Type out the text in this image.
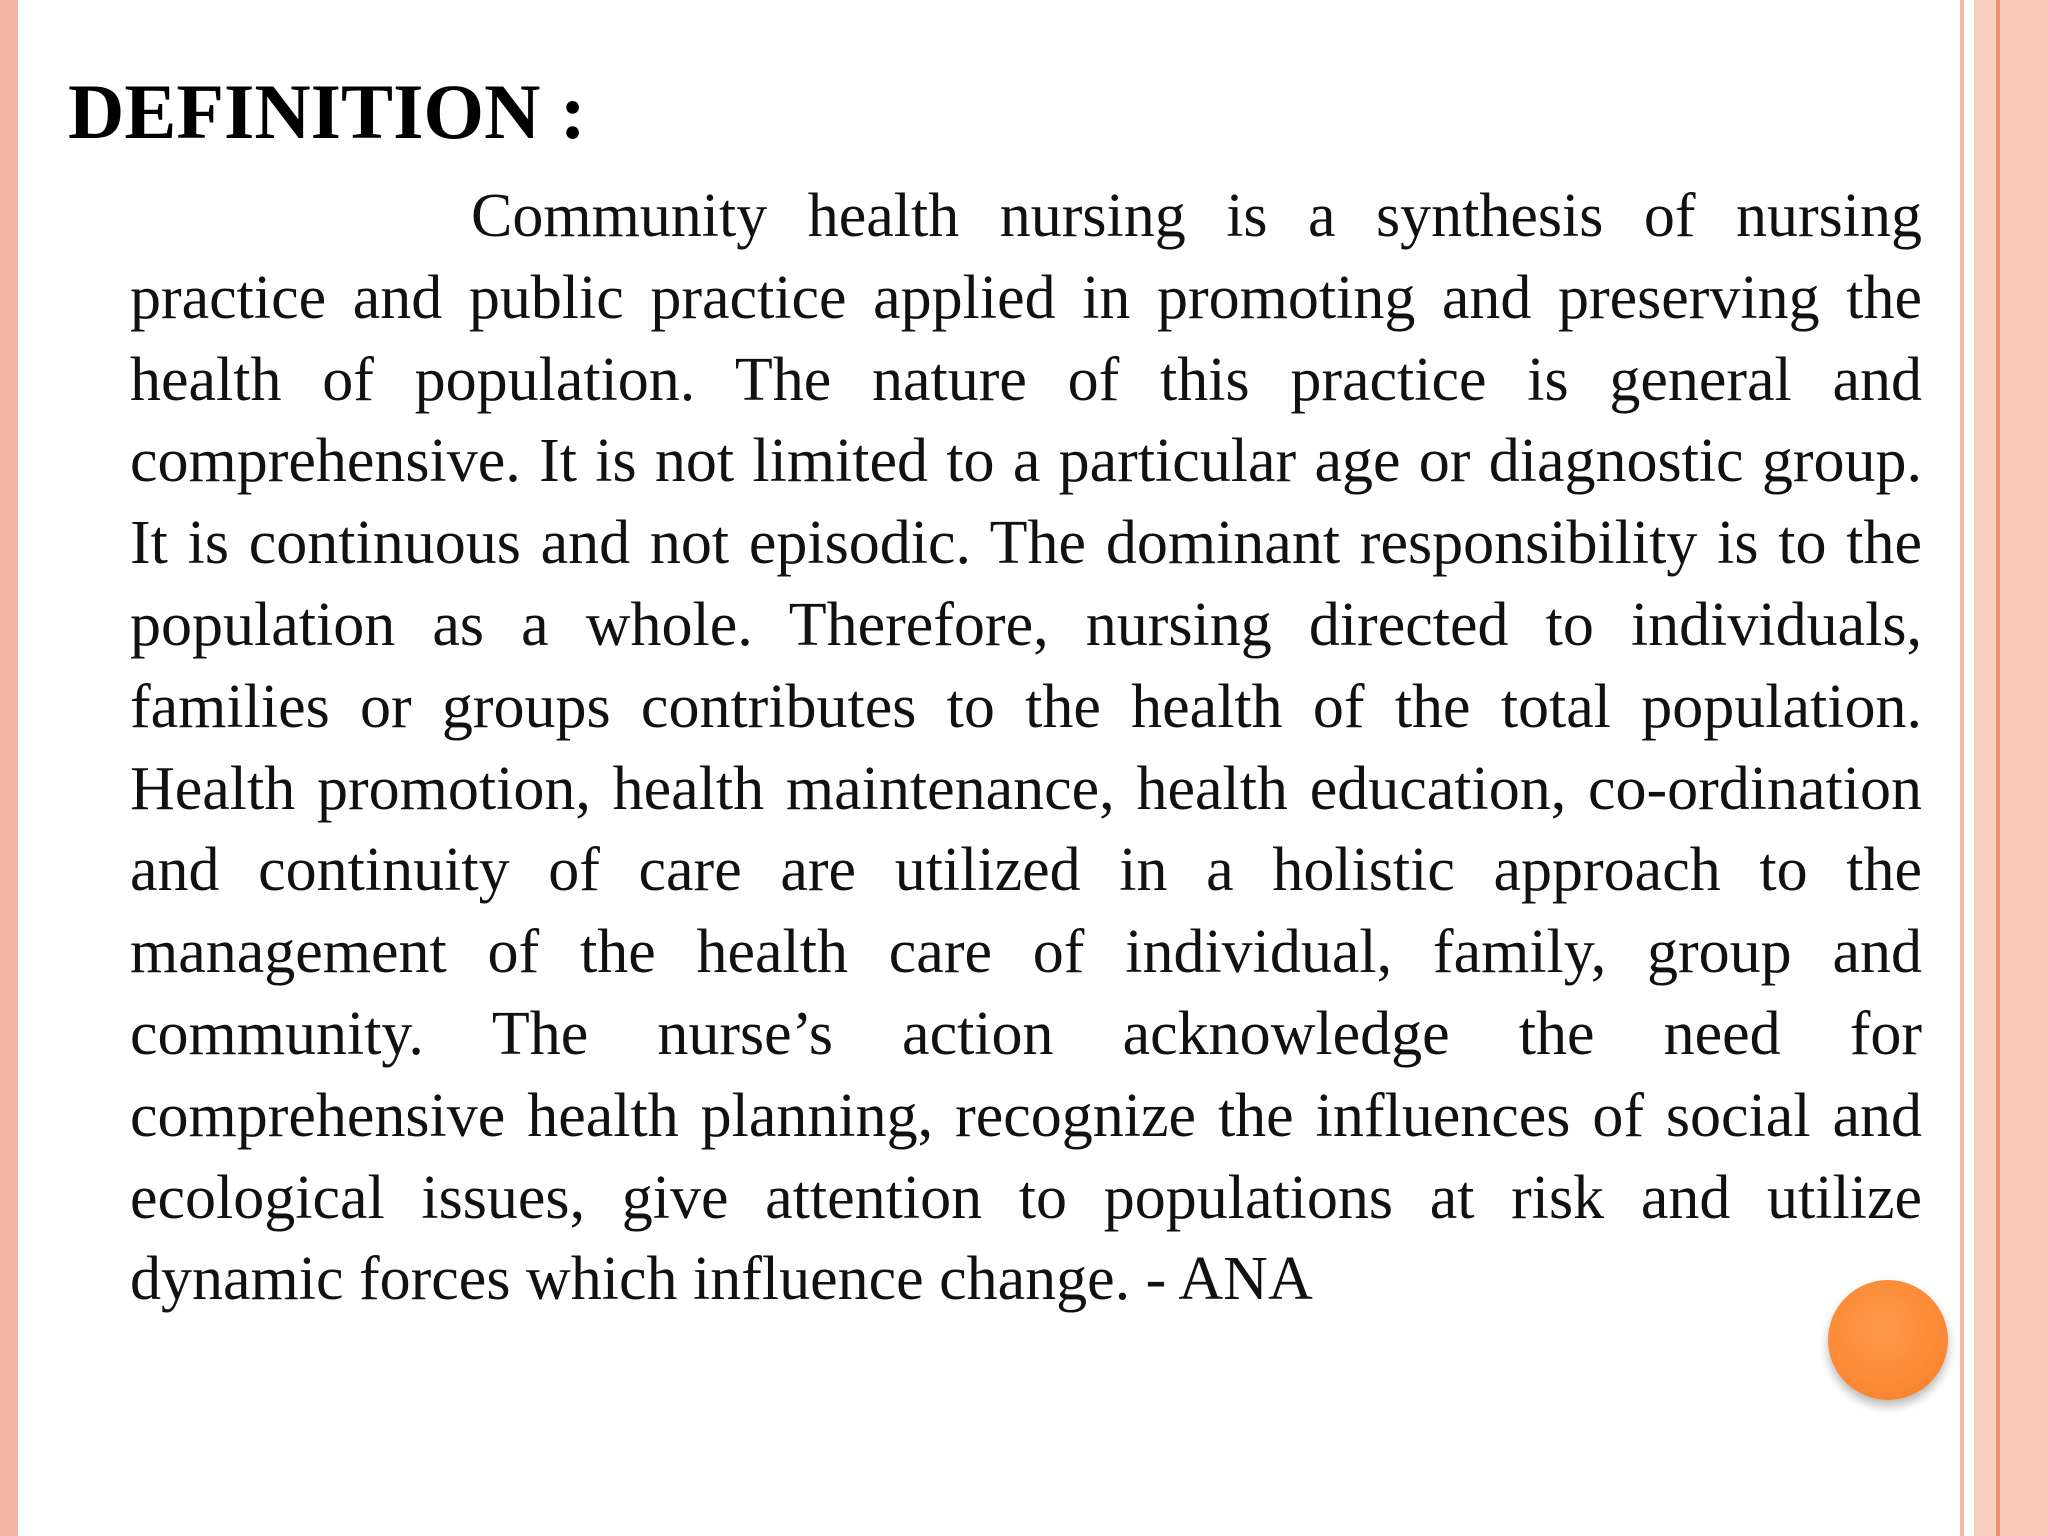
DEFINITION :

Community health nursing is a synthesis of nursing practice and public practice applied in promoting and preserving the health of population. The nature of this practice is general and comprehensive. It is not limited to a particular age or diagnostic group. It is continuous and not episodic. The dominant responsibility is to the population as a whole. Therefore, nursing directed to individuals, families or groups contributes to the health of the total population. Health promotion, health maintenance, health education, co-ordination and continuity of care are utilized in a holistic approach to the management of the health care of individual, family, group and community. The nurse’s action acknowledge the need for comprehensive health planning, recognize the influences of social and ecological issues, give attention to populations at risk and utilize dynamic forces which influence change. - ANA
